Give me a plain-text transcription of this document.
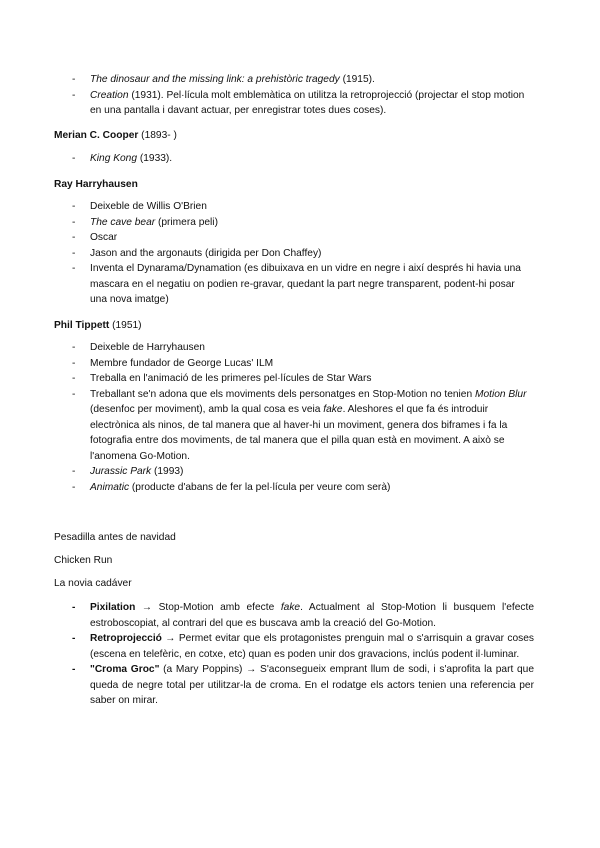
- The dinosaur and the missing link: a prehistòric tragedy (1915).
- Creation (1931). Pel·lícula molt emblemàtica on utilitza la retroprojecció (projectar el stop motion en una pantalla i davant actuar, per enregistrar totes dues coses).
Merian C. Cooper (1893- )
- King Kong (1933).
Ray Harryhausen
- Deixeble de Willis O'Brien
- The cave bear (primera peli)
- Oscar
- Jason and the argonauts (dirigida per Don Chaffey)
- Inventa el Dynarama/Dynamation (es dibuixava en un vidre en negre i així després hi havia una mascara en el negatiu on podien re-gravar, quedant la part negre transparent, podent-hi posar una nova imatge)
Phil Tippett (1951)
- Deixeble de Harryhausen
- Membre fundador de George Lucas' ILM
- Treballa en l'animació de les primeres pel·lícules de Star Wars
- Treballant se'n adona que els moviments dels personatges en Stop-Motion no tenien Motion Blur (desenfoc per moviment), amb la qual cosa es veia fake. Aleshores el que fa és introduir electrònica als ninos, de tal manera que al haver-hi un moviment, genera dos biframes i fa la fotografia entre dos moviments, de tal manera que el pilla quan està en moviment. A això se l'anomena Go-Motion.
- Jurassic Park (1993)
- Animatic (producte d'abans de fer la pel·lícula per veure com serà)
Pesadilla antes de navidad
Chicken Run
La novia cadáver
- Pixilation → Stop-Motion amb efecte fake. Actualment al Stop-Motion li busquem l'efecte estroboscopiat, al contrari del que es buscava amb la creació del Go-Motion.
- Retroprojecció → Permet evitar que els protagonistes prenguin mal o s'arrisquin a gravar coses (escena en telefèric, en cotxe, etc) quan es poden unir dos gravacions, inclús podent il·luminar.
- "Croma Groc" (a Mary Poppins) → S'aconsegueix emprant llum de sodi, i s'aprofita la part que queda de negre total per utilitzar-la de croma. En el rodatge els actors tenien una referencia per saber on mirar.
